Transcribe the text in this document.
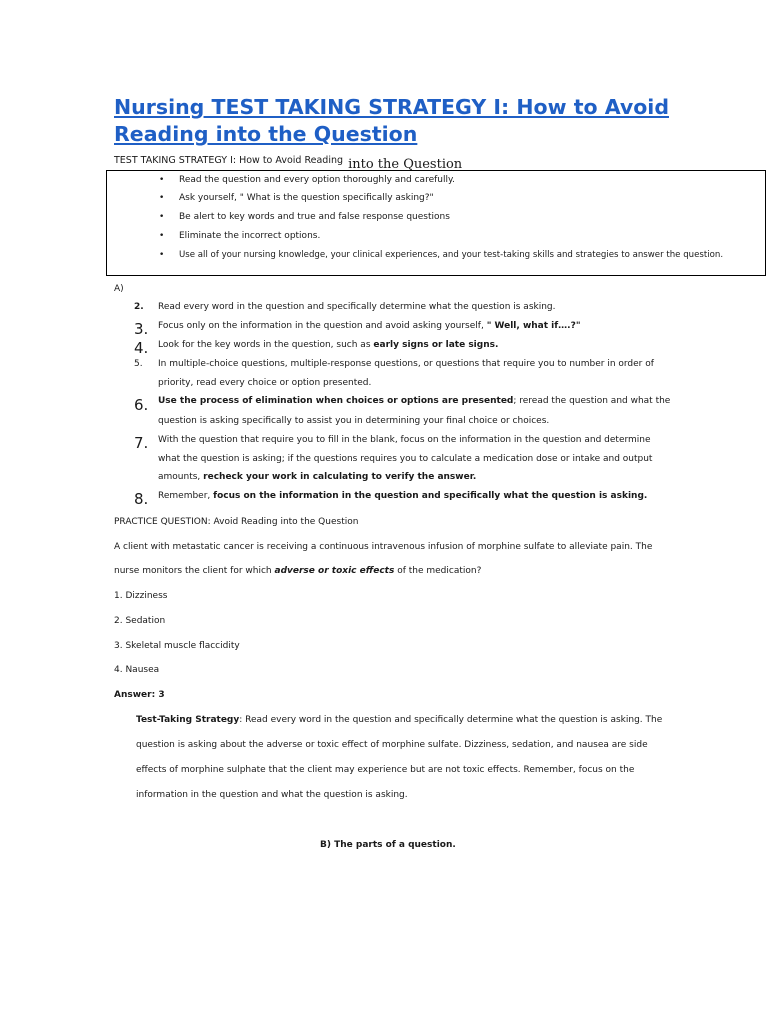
Nursing TEST TAKING STRATEGY I: How to Avoid Reading into the Question
TEST TAKING STRATEGY I: How to Avoid Reading into the Question
• Read the question and every option thoroughly and carefully.
• Ask yourself, " What is the question specifically asking?"
• Be alert to key words and true and false response questions
• Eliminate the incorrect options.
• Use all of your nursing knowledge, your clinical experiences, and your test-taking skills and strategies to answer the question.
A)
2. Read every word in the question and specifically determine what the question is asking.
3. Focus only on the information in the question and avoid asking yourself, " Well, what if….?"
4. Look for the key words in the question, such as early signs or late signs.
5. In multiple-choice questions, multiple-response questions, or questions that require you to number in order of
priority, read every choice or option presented.
6. Use the process of elimination when choices or options are presented; reread the question and what the
question is asking specifically to assist you in determining your final choice or choices.
7. With the question that require you to fill in the blank, focus on the information in the question and determine
what the question is asking; if the questions requires you to calculate a medication dose or intake and output
amounts, recheck your work in calculating to verify the answer.
8. Remember, focus on the information in the question and specifically what the question is asking.
PRACTICE QUESTION: Avoid Reading into the Question
A client with metastatic cancer is receiving a continuous intravenous infusion of morphine sulfate to alleviate pain. The
nurse monitors the client for which adverse or toxic effects of the medication?
1. Dizziness
2. Sedation
3. Skeletal muscle flaccidity
4. Nausea
Answer: 3
Test-Taking Strategy: Read every word in the question and specifically determine what the question is asking. The
question is asking about the adverse or toxic effect of morphine sulfate. Dizziness, sedation, and nausea are side
effects of morphine sulphate that the client may experience but are not toxic effects. Remember, focus on the
information in the question and what the question is asking.
B) The parts of a question.
